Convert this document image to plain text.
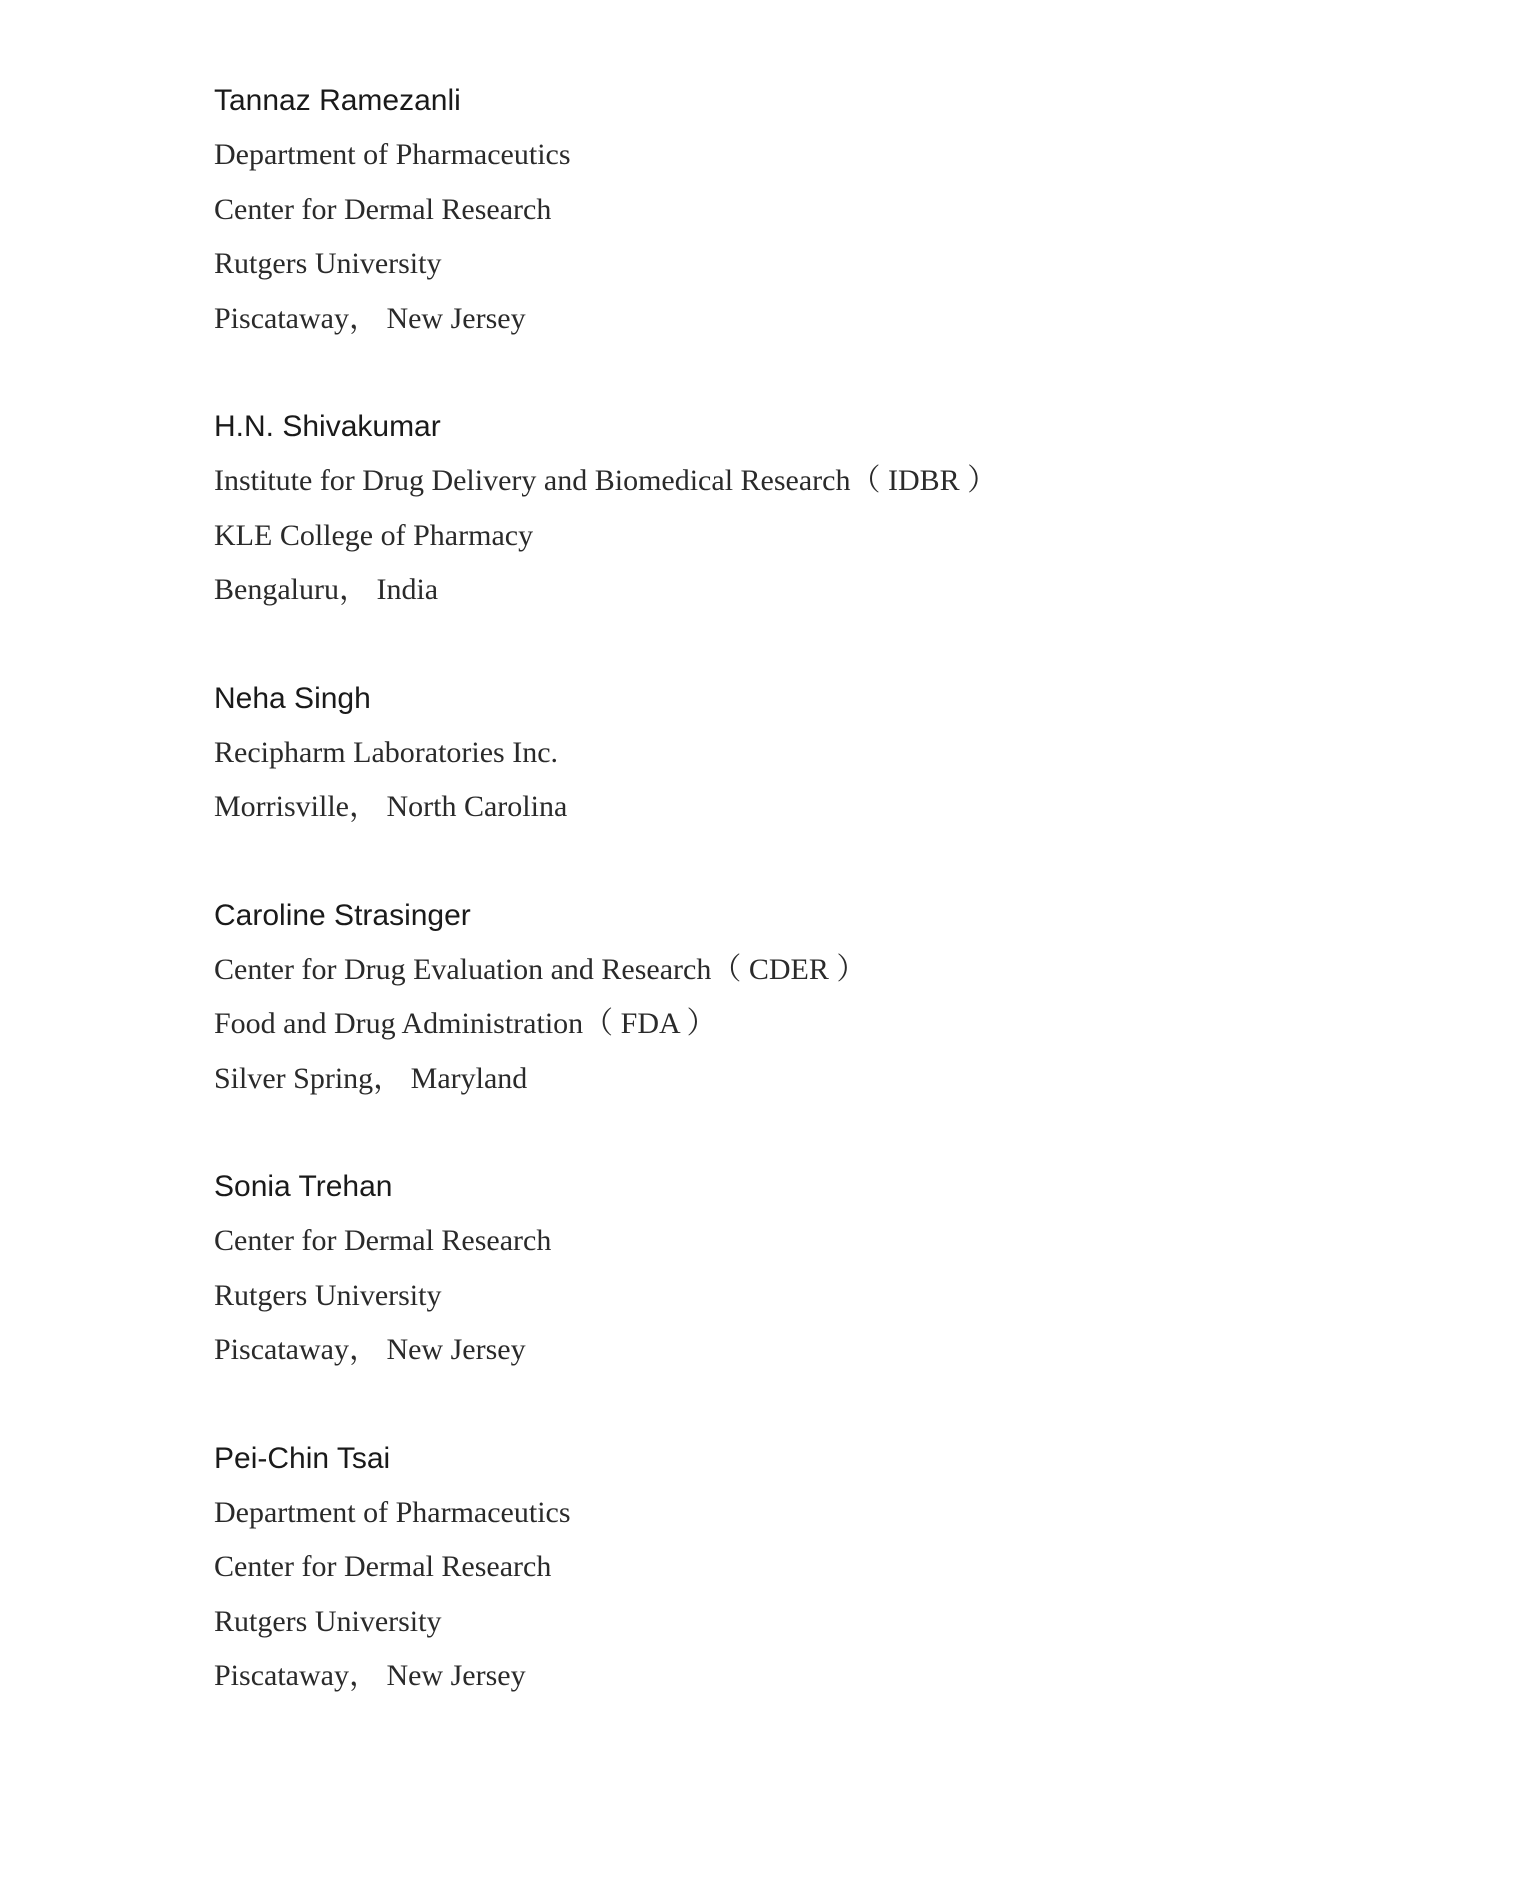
Tannaz Ramezanli
Department of Pharmaceutics
Center for Dermal Research
Rutgers University
Piscataway， New Jersey
H.N. Shivakumar
Institute for Drug Delivery and Biomedical Research（ IDBR ）
KLE College of Pharmacy
Bengaluru， India
Neha Singh
Recipharm Laboratories Inc.
Morrisville， North Carolina
Caroline Strasinger
Center for Drug Evaluation and Research（ CDER ）
Food and Drug Administration（ FDA ）
Silver Spring， Maryland
Sonia Trehan
Center for Dermal Research
Rutgers University
Piscataway， New Jersey
Pei-Chin Tsai
Department of Pharmaceutics
Center for Dermal Research
Rutgers University
Piscataway， New Jersey
